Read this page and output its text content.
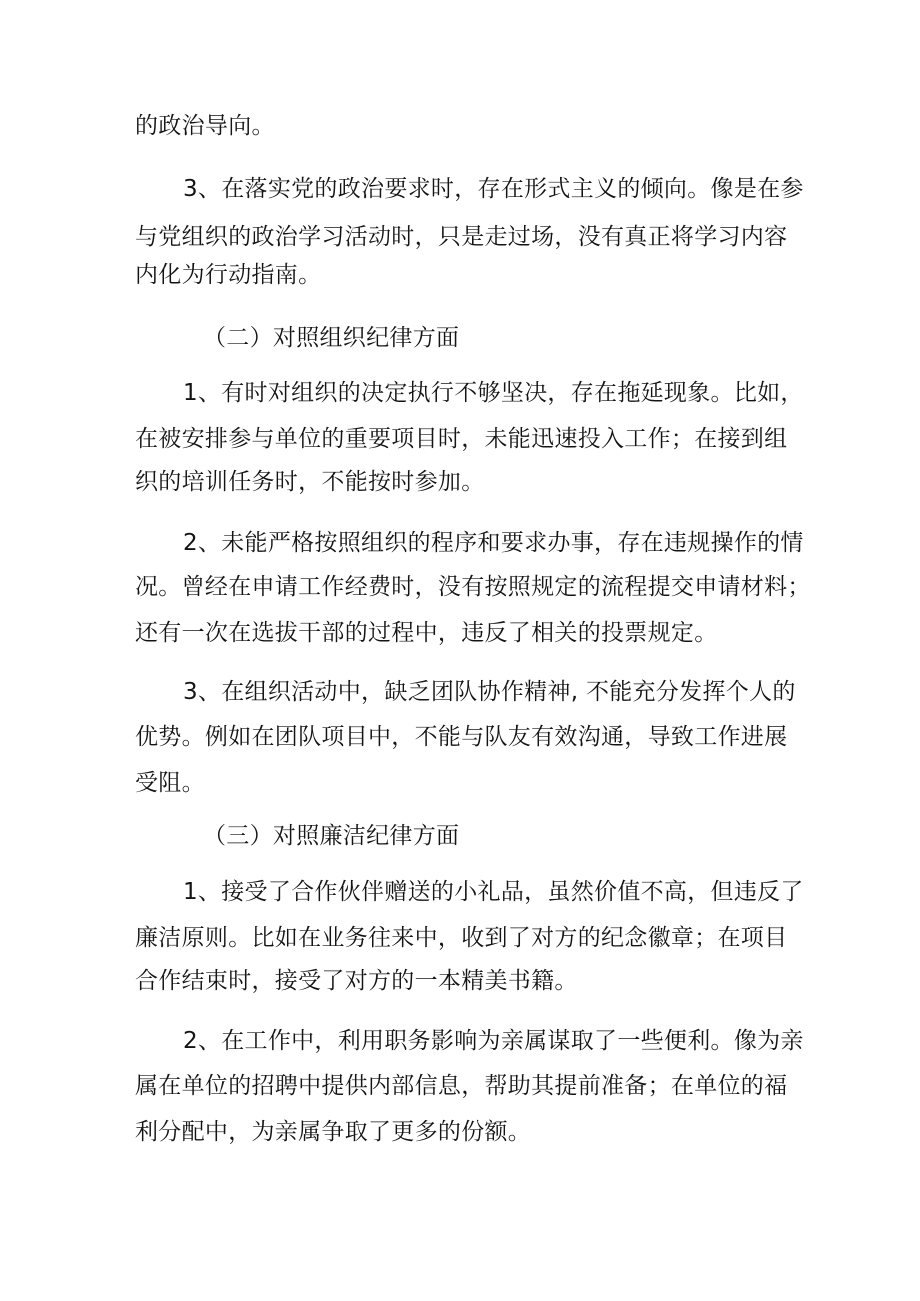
的政治导向。

3、在落实党的政治要求时，存在形式主义的倾向。像是在参

与党组织的政治学习活动时，只是走过场，没有真正将学习内容

内化为行动指南。

（二）对照组织纪律方面

1、有时对组织的决定执行不够坚决，存在拖延现象。比如，

在被安排参与单位的重要项目时，未能迅速投入工作；在接到组

织的培训任务时，不能按时参加。

2、未能严格按照组织的程序和要求办事，存在违规操作的情

况。曾经在申请工作经费时，没有按照规定的流程提交申请材料；

还有一次在选拔干部的过程中，违反了相关的投票规定。

3、在组织活动中，缺乏团队协作精神, 不能充分发挥个人的

优势。例如在团队项目中，不能与队友有效沟通，导致工作进展

受阻。

（三）对照廉洁纪律方面

1、接受了合作伙伴赠送的小礼品，虽然价值不高，但违反了

廉洁原则。比如在业务往来中，收到了对方的纪念徽章；在项目

合作结束时，接受了对方的一本精美书籍。

2、在工作中，利用职务影响为亲属谋取了一些便利。像为亲

属在单位的招聘中提供内部信息，帮助其提前准备；在单位的福

利分配中，为亲属争取了更多的份额。
